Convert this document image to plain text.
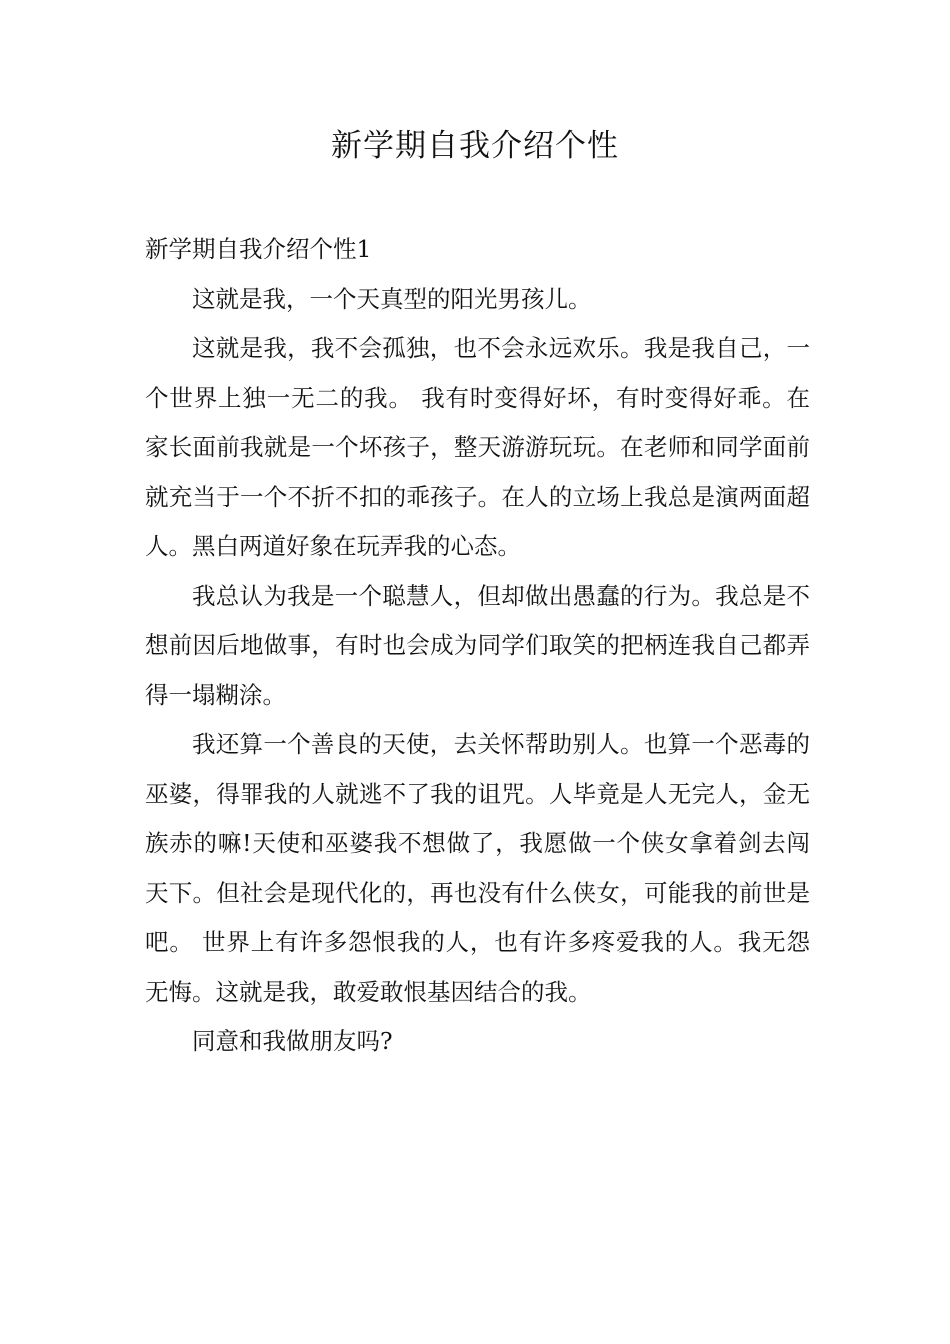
新学期自我介绍个性

新学期自我介绍个性1

这就是我，一个天真型的阳光男孩儿。

这就是我，我不会孤独，也不会永远欢乐。我是我自己，一个世界上独一无二的我。 我有时变得好坏，有时变得好乖。在家长面前我就是一个坏孩子，整天游游玩玩。在老师和同学面前就充当于一个不折不扣的乖孩子。在人的立场上我总是演两面超人。黑白两道好象在玩弄我的心态。

我总认为我是一个聪慧人，但却做出愚蠢的行为。我总是不想前因后地做事，有时也会成为同学们取笑的把柄连我自己都弄得一塌糊涂。

我还算一个善良的天使，去关怀帮助别人。也算一个恶毒的巫婆，得罪我的人就逃不了我的诅咒。人毕竟是人无完人，金无族赤的嘛!天使和巫婆我不想做了，我愿做一个侠女拿着剑去闯天下。但社会是现代化的，再也没有什么侠女，可能我的前世是吧。 世界上有许多怨恨我的人，也有许多疼爱我的人。我无怨无悔。这就是我，敢爱敢恨基因结合的我。

同意和我做朋友吗?
